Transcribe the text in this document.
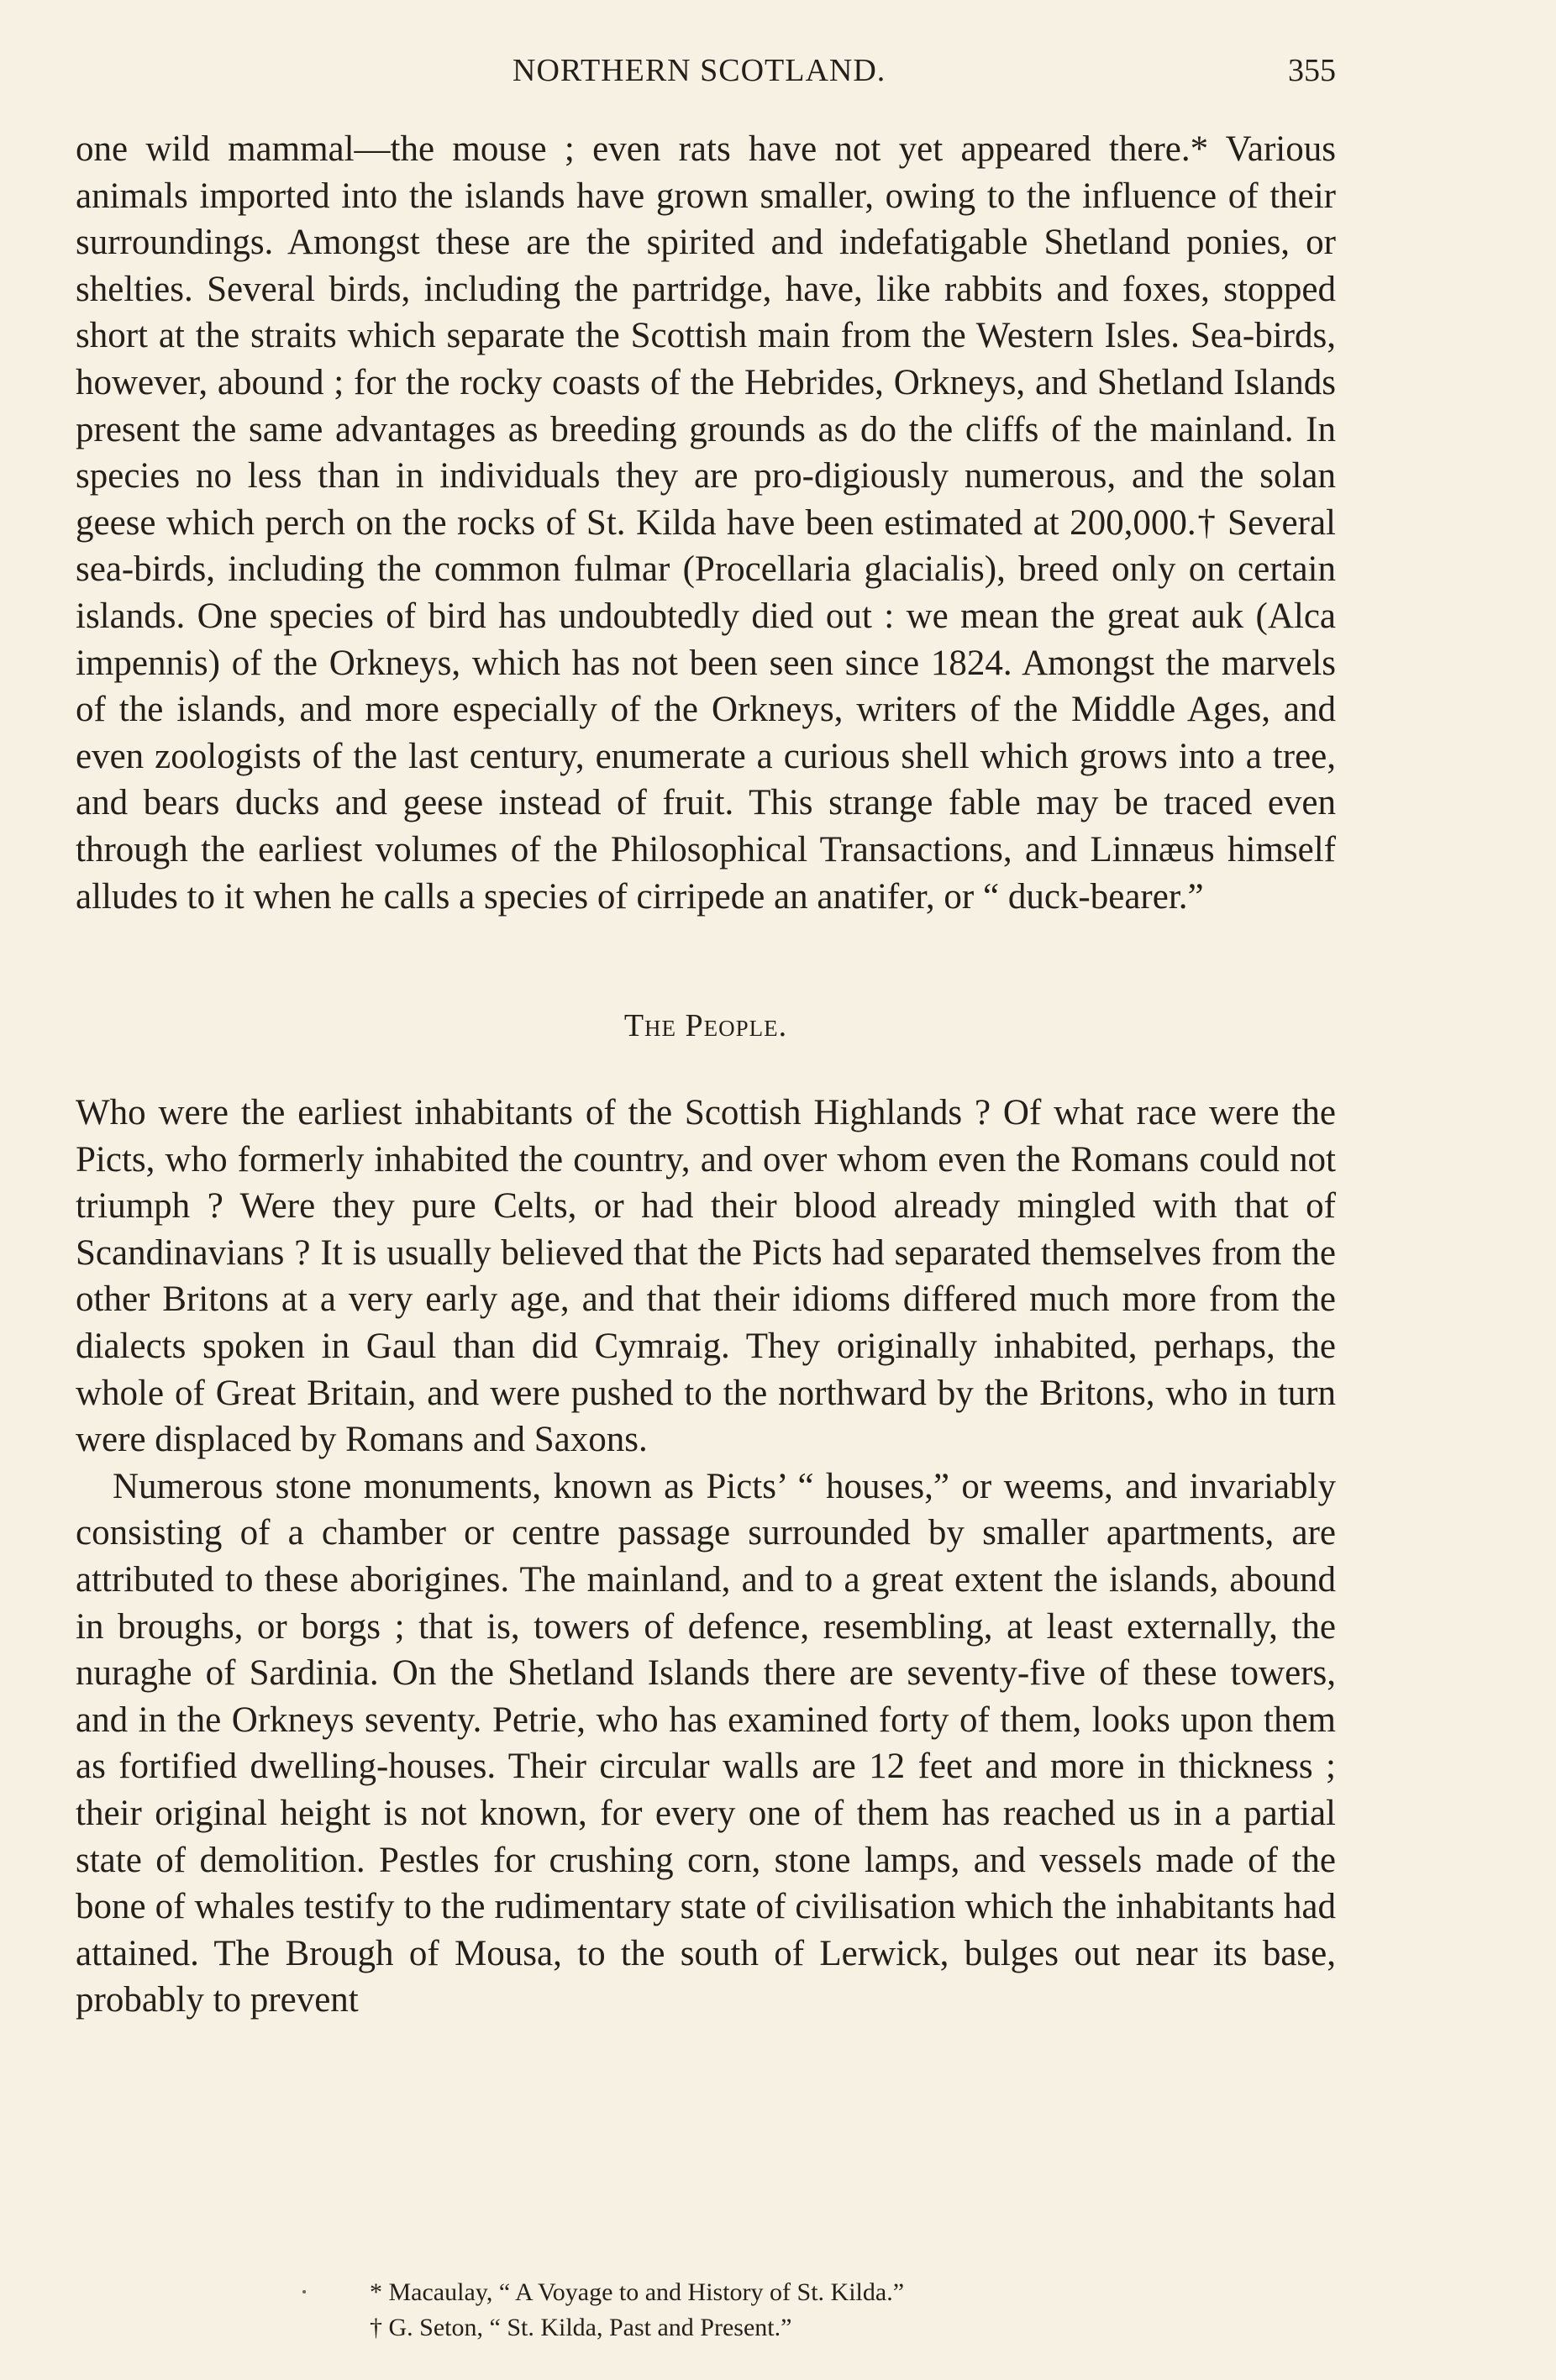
NORTHERN SCOTLAND.	355

one wild mammal—the mouse ; even rats have not yet appeared there.* Various animals imported into the islands have grown smaller, owing to the influence of their surroundings. Amongst these are the spirited and indefatigable Shetland ponies, or shelties. Several birds, including the partridge, have, like rabbits and foxes, stopped short at the straits which separate the Scottish main from the Western Isles. Sea-birds, however, abound ; for the rocky coasts of the Hebrides, Orkneys, and Shetland Islands present the same advantages as breeding grounds as do the cliffs of the mainland. In species no less than in individuals they are pro-digiously numerous, and the solan geese which perch on the rocks of St. Kilda have been estimated at 200,000.† Several sea-birds, including the common fulmar (Procellaria glacialis), breed only on certain islands. One species of bird has undoubtedly died out : we mean the great auk (Alca impennis) of the Orkneys, which has not been seen since 1824. Amongst the marvels of the islands, and more especially of the Orkneys, writers of the Middle Ages, and even zoologists of the last century, enumerate a curious shell which grows into a tree, and bears ducks and geese instead of fruit. This strange fable may be traced even through the earliest volumes of the Philosophical Transactions, and Linnæus himself alludes to it when he calls a species of cirripede an anatifer, or “ duck-bearer.”

The People.

Who were the earliest inhabitants of the Scottish Highlands ? Of what race were the Picts, who formerly inhabited the country, and over whom even the Romans could not triumph ? Were they pure Celts, or had their blood already mingled with that of Scandinavians ? It is usually believed that the Picts had separated themselves from the other Britons at a very early age, and that their idioms differed much more from the dialects spoken in Gaul than did Cymraig. They originally inhabited, perhaps, the whole of Great Britain, and were pushed to the northward by the Britons, who in turn were displaced by Romans and Saxons.

Numerous stone monuments, known as Picts’ “ houses,” or weems, and invariably consisting of a chamber or centre passage surrounded by smaller apartments, are attributed to these aborigines. The mainland, and to a great extent the islands, abound in broughs, or borgs ; that is, towers of defence, resembling, at least externally, the nuraghe of Sardinia. On the Shetland Islands there are seventy-five of these towers, and in the Orkneys seventy. Petrie, who has examined forty of them, looks upon them as fortified dwelling-houses. Their circular walls are 12 feet and more in thickness ; their original height is not known, for every one of them has reached us in a partial state of demolition. Pestles for crushing corn, stone lamps, and vessels made of the bone of whales testify to the rudimentary state of civilisation which the inhabitants had attained. The Brough of Mousa, to the south of Lerwick, bulges out near its base, probably to prevent

* Macaulay, “ A Voyage to and History of St. Kilda.”
† G. Seton, “ St. Kilda, Past and Present.”
